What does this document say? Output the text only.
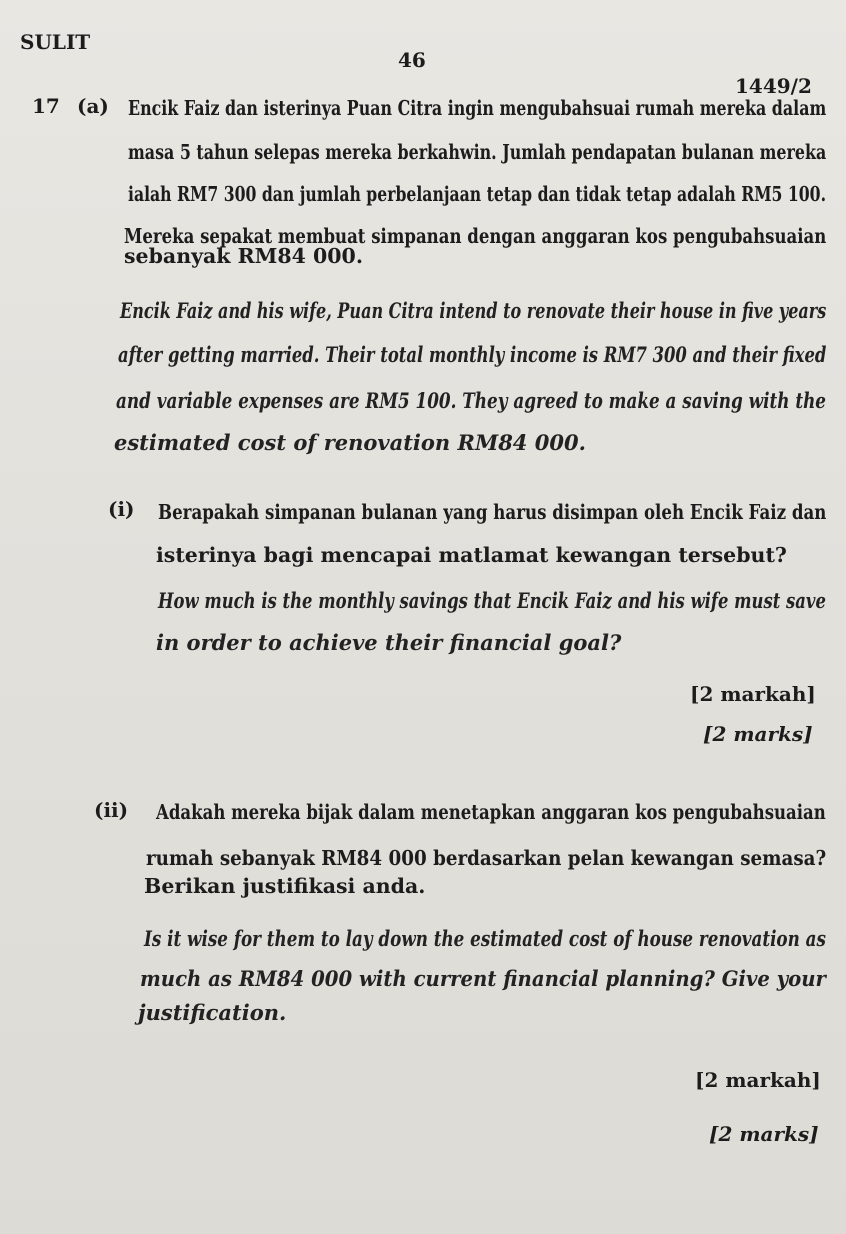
SULIT
46
1449/2
17 (a) Encik Faiz dan isterinya Puan Citra ingin mengubahsuai rumah mereka dalam
masa 5 tahun selepas mereka berkahwin. Jumlah pendapatan bulanan mereka
ialah RM7 300 dan jumlah perbelanjaan tetap dan tidak tetap adalah RM5 100.
Mereka sepakat membuat simpanan dengan anggaran kos pengubahsuaian
sebanyak RM84 000.
Encik Faiz and his wife, Puan Citra intend to renovate their house in five years
after getting married. Their total monthly income is RM7 300 and their fixed
and variable expenses are RM5 100. They agreed to make a saving with the
estimated cost of renovation RM84 000.
(i) Berapakah simpanan bulanan yang harus disimpan oleh Encik Faiz dan
isterinya bagi mencapai matlamat kewangan tersebut?
How much is the monthly savings that Encik Faiz and his wife must save
in order to achieve their financial goal?
[2 markah]
[2 marks]
(ii) Adakah mereka bijak dalam menetapkan anggaran kos pengubahsuaian
rumah sebanyak RM84 000 berdasarkan pelan kewangan semasa?
Berikan justifikasi anda.
Is it wise for them to lay down the estimated cost of house renovation as
much as RM84 000 with current financial planning? Give your
justification.
[2 markah]
[2 marks]
